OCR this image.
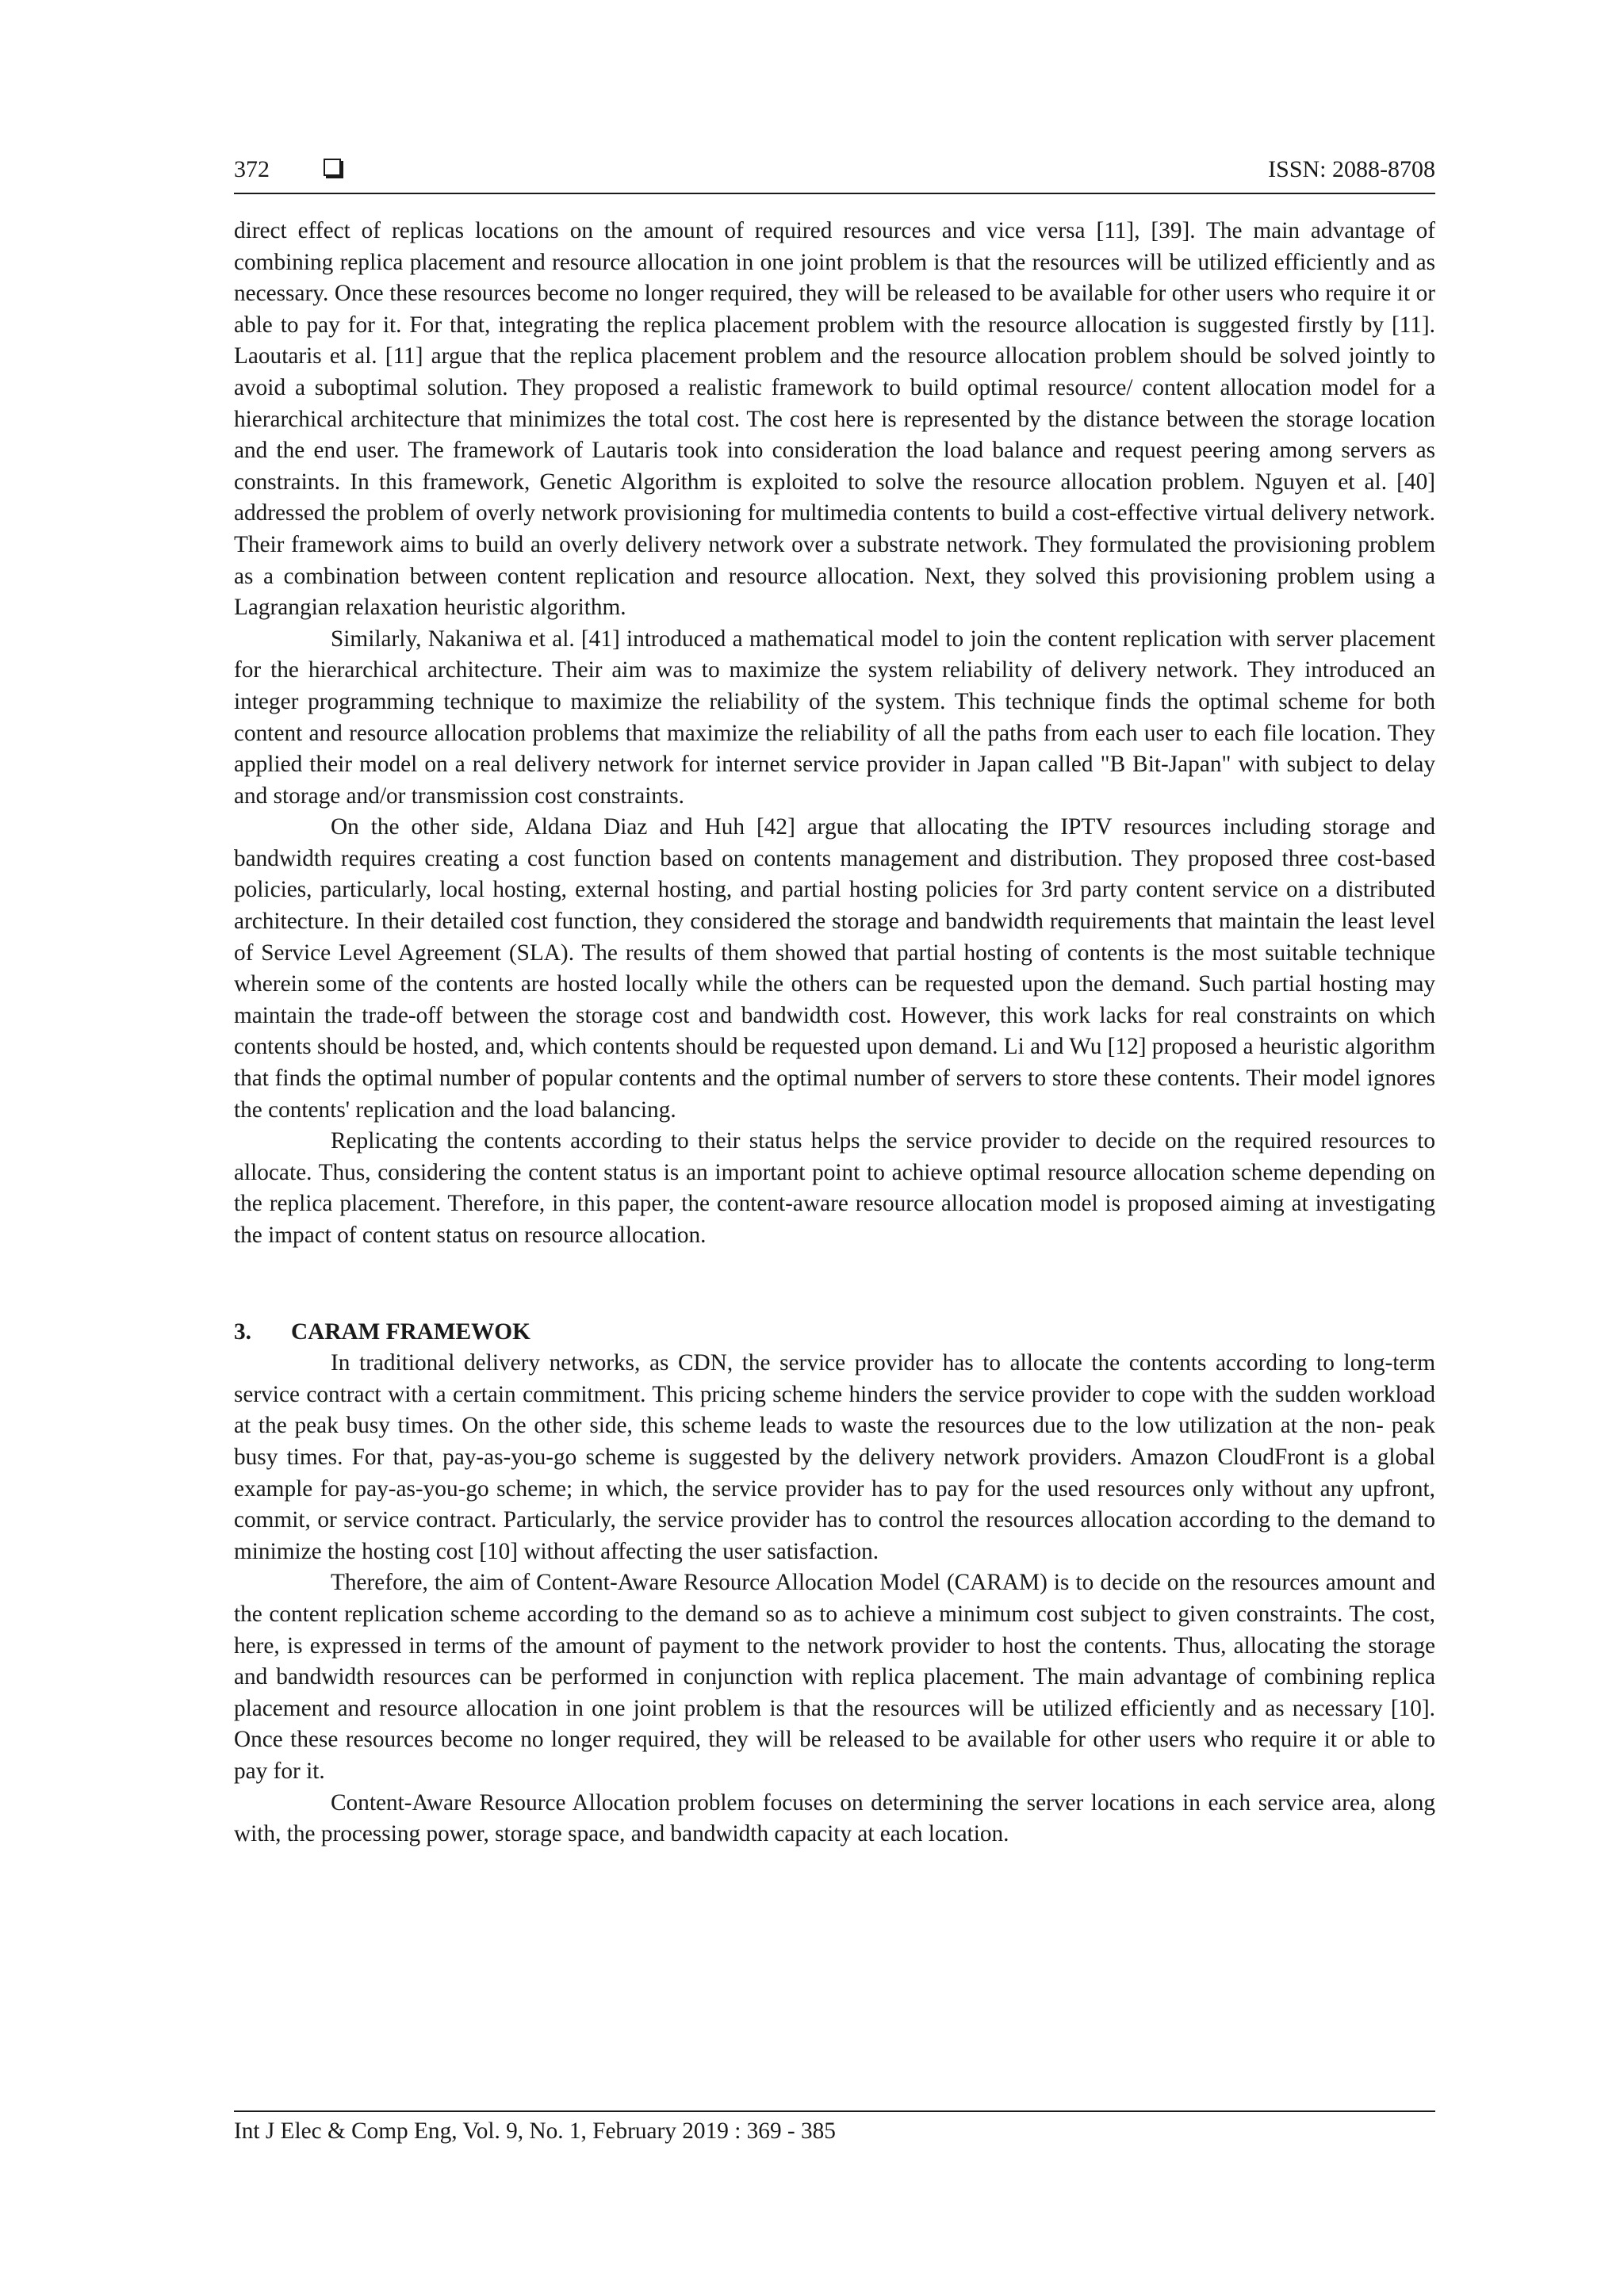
372	ISSN: 2088-8708

direct effect of replicas locations on the amount of required resources and vice versa [11], [39]. The main advantage of combining replica placement and resource allocation in one joint problem is that the resources will be utilized efficiently and as necessary. Once these resources become no longer required, they will be released to be available for other users who require it or able to pay for it. For that, integrating the replica placement problem with the resource allocation is suggested firstly by [11]. Laoutaris et al. [11] argue that the replica placement problem and the resource allocation problem should be solved jointly to avoid a suboptimal solution. They proposed a realistic framework to build optimal resource/ content allocation model for a hierarchical architecture that minimizes the total cost. The cost here is represented by the distance between the storage location and the end user. The framework of Lautaris took into consideration the load balance and request peering among servers as constraints. In this framework, Genetic Algorithm is exploited to solve the resource allocation problem. Nguyen et al. [40] addressed the problem of overly network provisioning for multimedia contents to build a cost-effective virtual delivery network. Their framework aims to build an overly delivery network over a substrate network. They formulated the provisioning problem as a combination between content replication and resource allocation. Next, they solved this provisioning problem using a Lagrangian relaxation heuristic algorithm.

Similarly, Nakaniwa et al. [41] introduced a mathematical model to join the content replication with server placement for the hierarchical architecture. Their aim was to maximize the system reliability of delivery network. They introduced an integer programming technique to maximize the reliability of the system. This technique finds the optimal scheme for both content and resource allocation problems that maximize the reliability of all the paths from each user to each file location. They applied their model on a real delivery network for internet service provider in Japan called "B Bit-Japan" with subject to delay and storage and/or transmission cost constraints.

On the other side, Aldana Diaz and Huh [42] argue that allocating the IPTV resources including storage and bandwidth requires creating a cost function based on contents management and distribution. They proposed three cost-based policies, particularly, local hosting, external hosting, and partial hosting policies for 3rd party content service on a distributed architecture. In their detailed cost function, they considered the storage and bandwidth requirements that maintain the least level of Service Level Agreement (SLA). The results of them showed that partial hosting of contents is the most suitable technique wherein some of the contents are hosted locally while the others can be requested upon the demand. Such partial hosting may maintain the trade-off between the storage cost and bandwidth cost. However, this work lacks for real constraints on which contents should be hosted, and, which contents should be requested upon demand. Li and Wu [12] proposed a heuristic algorithm that finds the optimal number of popular contents and the optimal number of servers to store these contents. Their model ignores the contents' replication and the load balancing.

Replicating the contents according to their status helps the service provider to decide on the required resources to allocate. Thus, considering the content status is an important point to achieve optimal resource allocation scheme depending on the replica placement. Therefore, in this paper, the content-aware resource allocation model is proposed aiming at investigating the impact of content status on resource allocation.

3. CARAM FRAMEWOK

In traditional delivery networks, as CDN, the service provider has to allocate the contents according to long-term service contract with a certain commitment. This pricing scheme hinders the service provider to cope with the sudden workload at the peak busy times. On the other side, this scheme leads to waste the resources due to the low utilization at the non- peak busy times. For that, pay-as-you-go scheme is suggested by the delivery network providers. Amazon CloudFront is a global example for pay-as-you-go scheme; in which, the service provider has to pay for the used resources only without any upfront, commit, or service contract. Particularly, the service provider has to control the resources allocation according to the demand to minimize the hosting cost [10] without affecting the user satisfaction.

Therefore, the aim of Content-Aware Resource Allocation Model (CARAM) is to decide on the resources amount and the content replication scheme according to the demand so as to achieve a minimum cost subject to given constraints. The cost, here, is expressed in terms of the amount of payment to the network provider to host the contents. Thus, allocating the storage and bandwidth resources can be performed in conjunction with replica placement. The main advantage of combining replica placement and resource allocation in one joint problem is that the resources will be utilized efficiently and as necessary [10]. Once these resources become no longer required, they will be released to be available for other users who require it or able to pay for it.

Content-Aware Resource Allocation problem focuses on determining the server locations in each service area, along with, the processing power, storage space, and bandwidth capacity at each location.

Int J Elec & Comp Eng, Vol. 9, No. 1, February 2019 : 369 - 385
